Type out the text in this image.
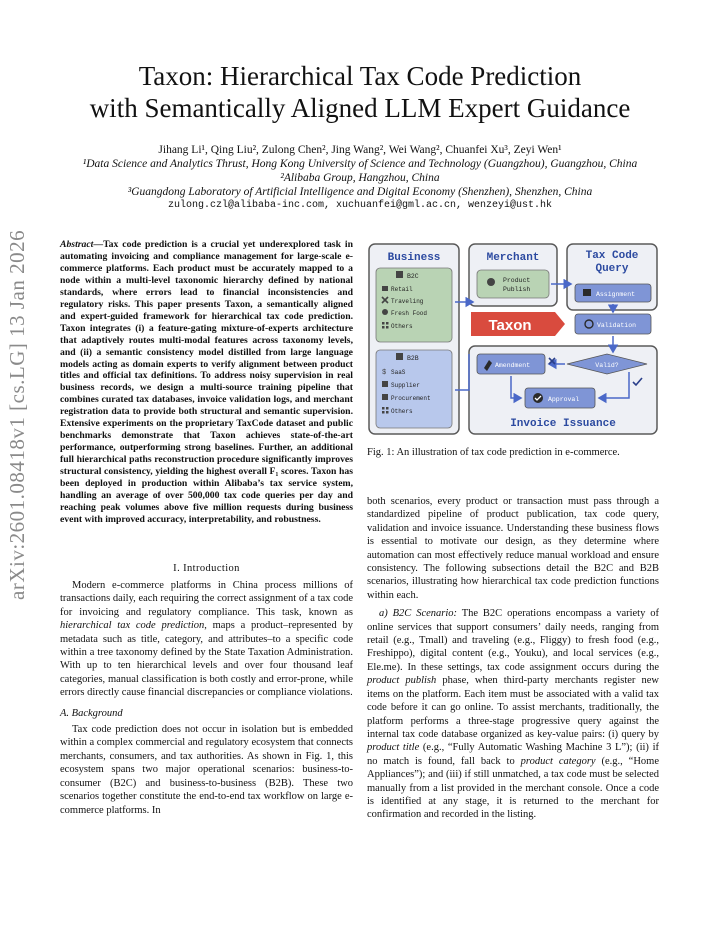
arXiv:2601.08418v1 [cs.LG] 13 Jan 2026
Taxon: Hierarchical Tax Code Prediction
with Semantically Aligned LLM Expert Guidance
Jihang Li¹, Qing Liu², Zulong Chen², Jing Wang², Wei Wang², Chuanfei Xu³, Zeyi Wen¹
¹Data Science and Analytics Thrust, Hong Kong University of Science and Technology (Guangzhou), Guangzhou, China
²Alibaba Group, Hangzhou, China
³Guangdong Laboratory of Artificial Intelligence and Digital Economy (Shenzhen), Shenzhen, China
zulong.czl@alibaba-inc.com, xuchuanfei@gml.ac.cn, wenzeyi@ust.hk
Abstract—Tax code prediction is a crucial yet underexplored task in automating invoicing and compliance management for large-scale e-commerce platforms. Each product must be accurately mapped to a node within a multi-level taxonomic hierarchy defined by national standards, where errors lead to financial inconsistencies and regulatory risks. This paper presents Taxon, a semantically aligned and expert-guided framework for hierarchical tax code prediction. Taxon integrates (i) a feature-gating mixture-of-experts architecture that adaptively routes multi-modal features across taxonomy levels, and (ii) a semantic consistency model distilled from large language models acting as domain experts to verify alignment between product titles and official tax definitions. To address noisy supervision in real business records, we design a multi-source training pipeline that combines curated tax databases, invoice validation logs, and merchant registration data to provide both structural and semantic supervision. Extensive experiments on the proprietary TaxCode dataset and public benchmarks demonstrate that Taxon achieves state-of-the-art performance, outperforming strong baselines. Further, an additional full hierarchical paths reconstruction procedure significantly improves structural consistency, yielding the highest overall F₁ scores. Taxon has been deployed in production within Alibaba’s tax service system, handling an average of over 500,000 tax code queries per day and reaching peak volumes above five million requests during business event with improved accuracy, interpretability, and robustness.
I. Introduction

Modern e-commerce platforms in China process millions of transactions daily, each requiring the correct assignment of a tax code for invoicing and regulatory compliance. This task, known as hierarchical tax code prediction, maps a product–represented by metadata such as title, category, and attributes–to a specific code within a tree taxonomy defined by the State Taxation Administration. With up to ten hierarchical levels and over four thousand leaf categories, manual classification is both costly and error-prone, while errors directly cause financial discrepancies or compliance violations.

A. Background

Tax code prediction does not occur in isolation but is embedded within a complex commercial and regulatory ecosystem that connects merchants, consumers, and tax authorities. As shown in Fig. 1, this ecosystem spans two major operational scenarios: business-to-consumer (B2C) and business-to-business (B2B). These two scenarios together constitute the end-to-end tax workflow on large e-commerce platforms. In

both scenarios, every product or transaction must pass through a standardized pipeline of product publication, tax code query, validation and invoice issuance. Understanding these business flows is essential to motivate our design, as they determine where automation can most effectively reduce manual workload and ensure consistency. The following subsections detail the B2C and B2B scenarios, illustrating how hierarchical tax code prediction functions within each.

a) B2C Scenario: The B2C operations encompass a variety of online services that support consumers’ daily needs, ranging from retail (e.g., Tmall) and traveling (e.g., Fliggy) to fresh food (e.g., Freshippo), digital content (e.g., Youku), and local services (e.g., Ele.me). In these settings, tax code assignment occurs during the product publish phase, when third-party merchants register new items on the platform. Each item must be associated with a valid tax code before it can go online. To assist merchants, traditionally, the platform performs a three-stage progressive query against the internal tax code database organized as key-value pairs: (i) query by product title (e.g., “Fully Automatic Washing Machine 3 L”); (ii) if no match is found, fall back to product category (e.g., “Home Appliances”); and (iii) if still unmatched, a tax code must be selected manually from a list provided in the merchant console. Once a code is identified at any stage, it is returned to the merchant for confirmation and recorded in the listing.

Business	Merchant	Tax Code
Query
B2C
Retail
Traveling
Fresh Food
Others
B2B
$ SaaS
Supplier
Procurement
Others
Product
Publish
Assignment
Validation
Taxon
Amendment	Valid?
Approval
Invoice Issuance
Fig. 1: An illustration of tax code prediction in e-commerce.
